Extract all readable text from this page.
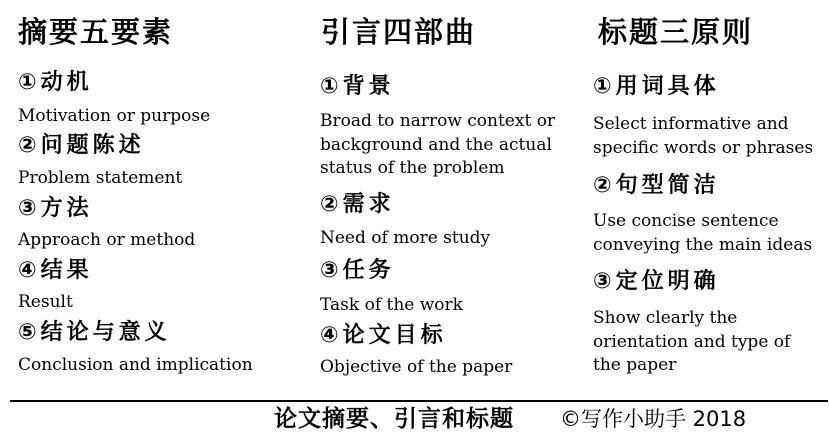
摘要五要素
①动机
Motivation or purpose
②问题陈述
Problem statement
③方法
Approach or method
④结果
Result
⑤结论与意义
Conclusion and implication
引言四部曲
①背景
Broad to narrow context or
background and the actual
status of the problem
②需求
Need of more study
③任务
Task of the work
④论文目标
Objective of the paper
标题三原则
①用词具体
Select informative and
specific words or phrases
②句型简洁
Use concise sentence
conveying the main ideas
③定位明确
Show clearly the
orientation and type of
the paper
论文摘要、引言和标题 ©写作小助手 2018
